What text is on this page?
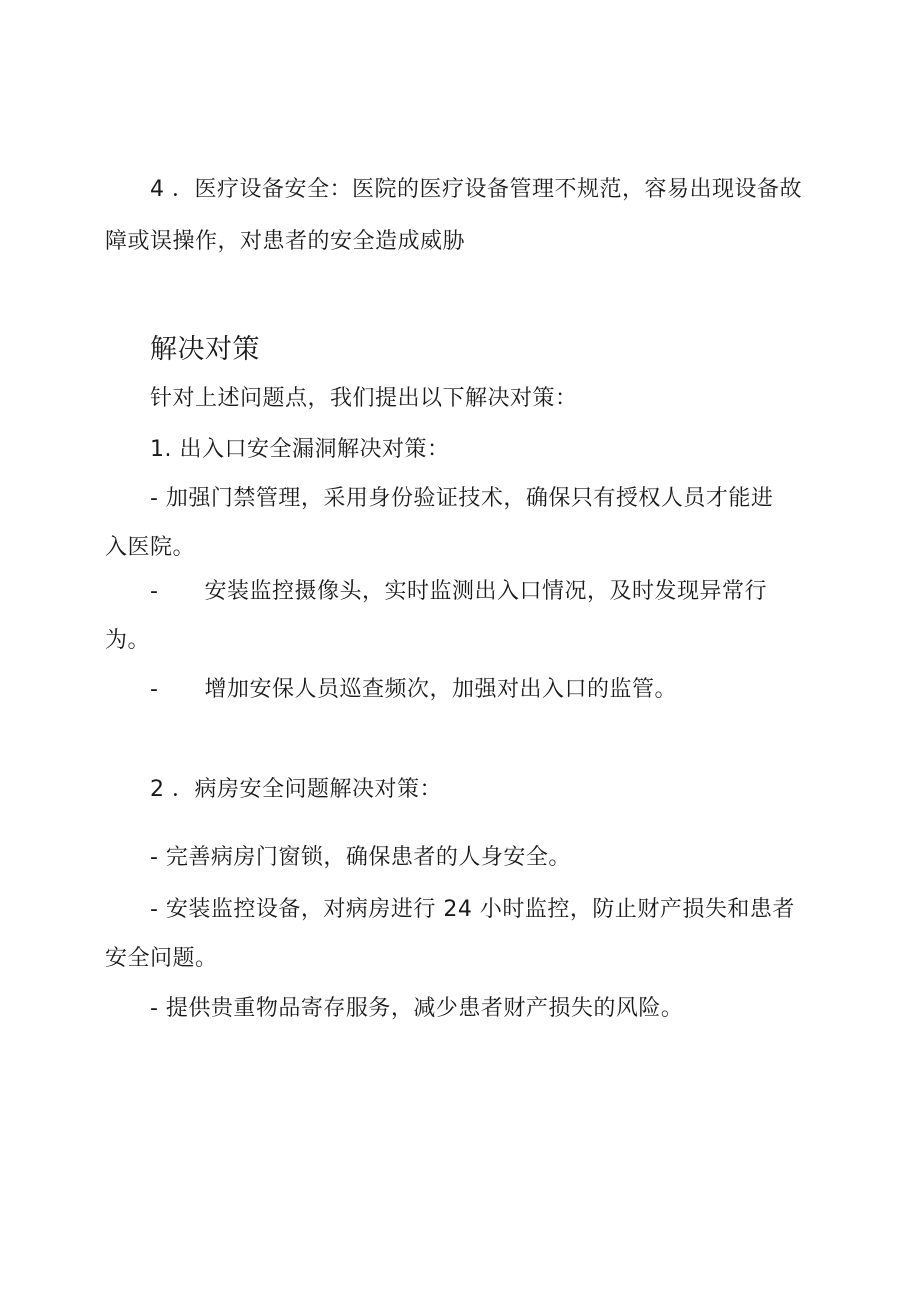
4 ．医疗设备安全：医院的医疗设备管理不规范，容易出现设备故
障或误操作，对患者的安全造成威胁
解决对策
针对上述问题点，我们提出以下解决对策：
1. 出入口安全漏洞解决对策：
- 加强门禁管理，采用身份验证技术，确保只有授权人员才能进
入医院。
- 安装监控摄像头，实时监测出入口情况，及时发现异常行
为。
- 增加安保人员巡查频次，加强对出入口的监管。
2 ．病房安全问题解决对策：
- 完善病房门窗锁，确保患者的人身安全。
- 安装监控设备，对病房进行 24 小时监控，防止财产损失和患者
安全问题。
- 提供贵重物品寄存服务，减少患者财产损失的风险。
